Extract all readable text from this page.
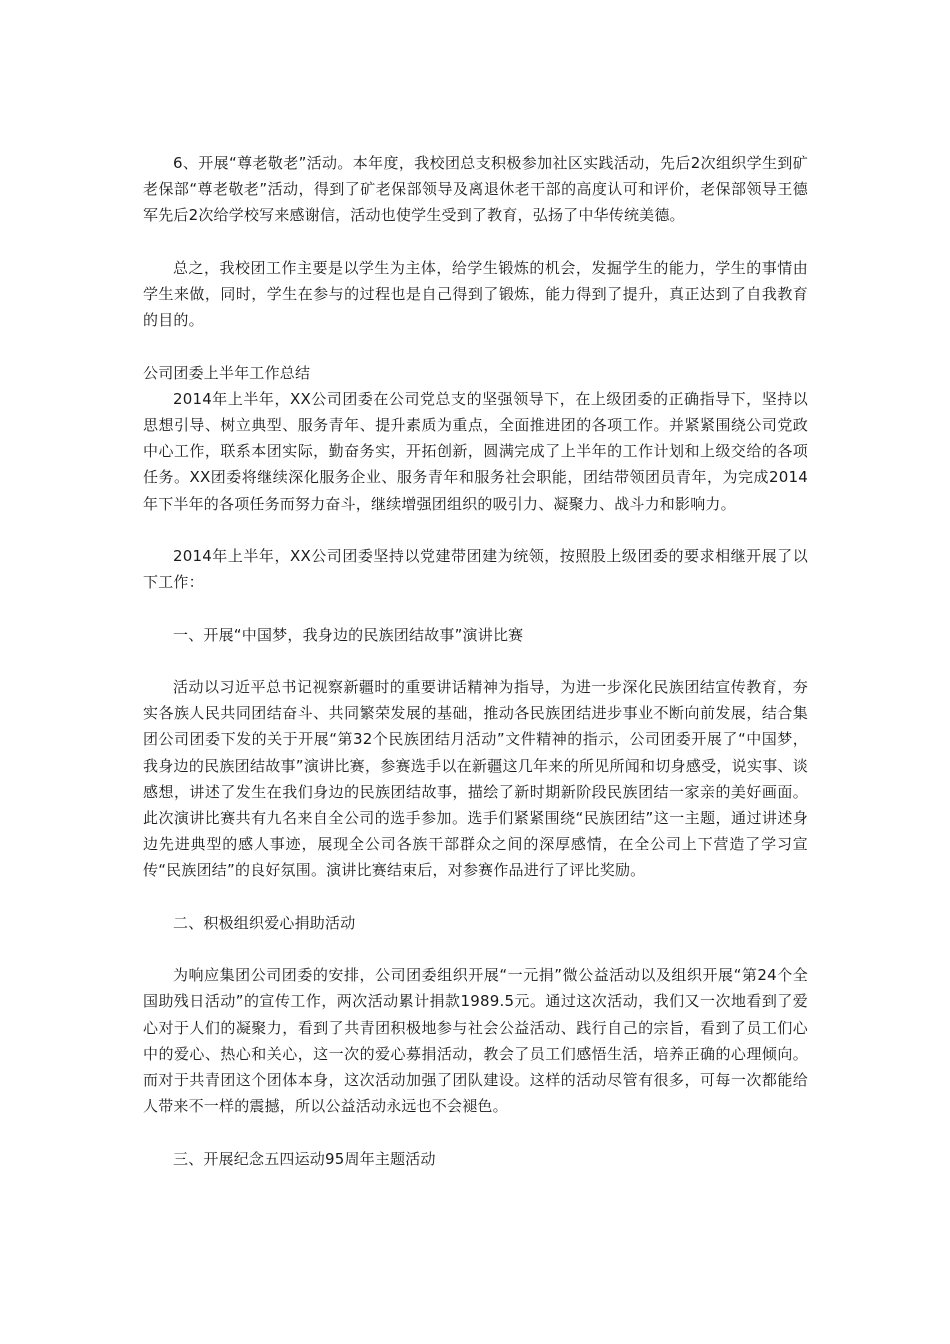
6、开展“尊老敬老”活动。本年度，我校团总支积极参加社区实践活动，先后2次组织学生到矿老保部“尊老敬老”活动，得到了矿老保部领导及离退休老干部的高度认可和评价，老保部领导王德军先后2次给学校写来感谢信，活动也使学生受到了教育，弘扬了中华传统美德。

总之，我校团工作主要是以学生为主体，给学生锻炼的机会，发掘学生的能力，学生的事情由学生来做，同时，学生在参与的过程也是自己得到了锻炼，能力得到了提升，真正达到了自我教育的目的。

公司团委上半年工作总结

2014年上半年，XX公司团委在公司党总支的坚强领导下，在上级团委的正确指导下，坚持以思想引导、树立典型、服务青年、提升素质为重点，全面推进团的各项工作。并紧紧围绕公司党政中心工作，联系本团实际，勤奋务实，开拓创新，圆满完成了上半年的工作计划和上级交给的各项任务。XX团委将继续深化服务企业、服务青年和服务社会职能，团结带领团员青年，为完成2014年下半年的各项任务而努力奋斗，继续增强团组织的吸引力、凝聚力、战斗力和影响力。

2014年上半年，XX公司团委坚持以党建带团建为统领，按照股上级团委的要求相继开展了以下工作：

一、开展“中国梦，我身边的民族团结故事”演讲比赛

活动以习近平总书记视察新疆时的重要讲话精神为指导，为进一步深化民族团结宣传教育，夯实各族人民共同团结奋斗、共同繁荣发展的基础，推动各民族团结进步事业不断向前发展，结合集团公司团委下发的关于开展“第32个民族团结月活动”文件精神的指示，公司团委开展了“中国梦，我身边的民族团结故事”演讲比赛，参赛选手以在新疆这几年来的所见所闻和切身感受，说实事、谈感想，讲述了发生在我们身边的民族团结故事，描绘了新时期新阶段民族团结一家亲的美好画面。此次演讲比赛共有九名来自全公司的选手参加。选手们紧紧围绕“民族团结”这一主题，通过讲述身边先进典型的感人事迹，展现全公司各族干部群众之间的深厚感情，在全公司上下营造了学习宣传“民族团结”的良好氛围。演讲比赛结束后，对参赛作品进行了评比奖励。

二、积极组织爱心捐助活动

为响应集团公司团委的安排，公司团委组织开展“一元捐”微公益活动以及组织开展“第24个全国助残日活动”的宣传工作，两次活动累计捐款1989.5元。通过这次活动，我们又一次地看到了爱心对于人们的凝聚力，看到了共青团积极地参与社会公益活动、践行自己的宗旨，看到了员工们心中的爱心、热心和关心，这一次的爱心募捐活动，教会了员工们感悟生活，培养正确的心理倾向。而对于共青团这个团体本身，这次活动加强了团队建设。这样的活动尽管有很多，可每一次都能给人带来不一样的震撼，所以公益活动永远也不会褪色。

三、开展纪念五四运动95周年主题活动
